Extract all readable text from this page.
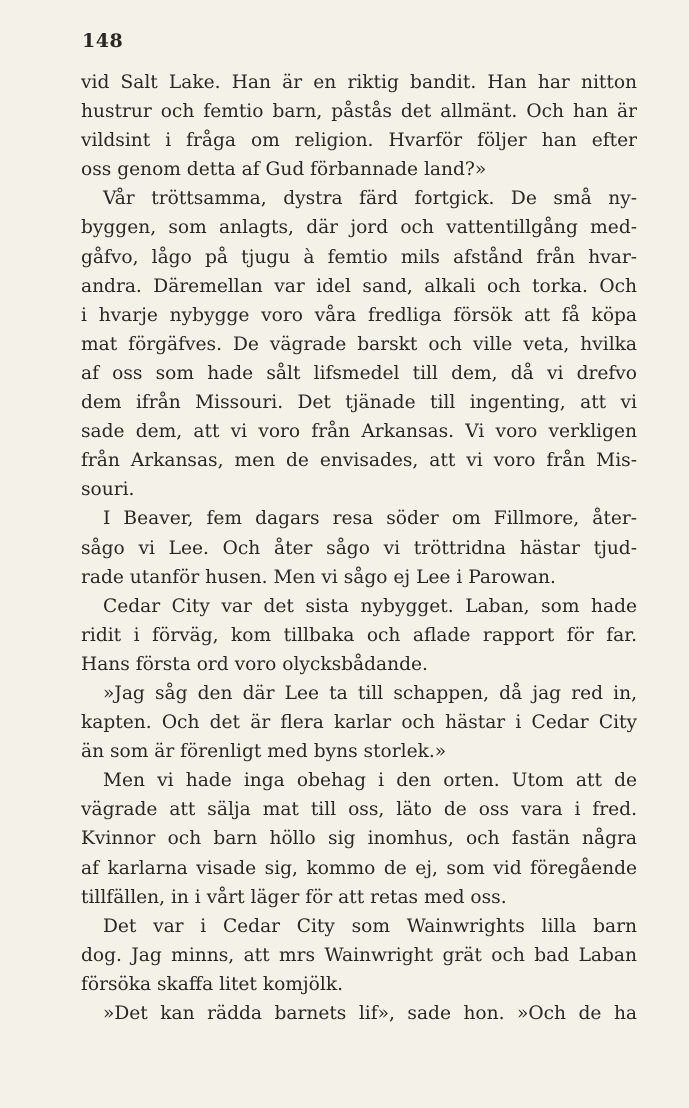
148
vid Salt Lake. Han är en riktig bandit. Han har nitton
hustrur och femtio barn, påstås det allmänt. Och han är
vildsint i fråga om religion. Hvarför följer han efter
oss genom detta af Gud förbannade land?»
Vår tröttsamma, dystra färd fortgick. De små ny-
byggen, som anlagts, där jord och vattentillgång med-
gåfvo, lågo på tjugu à femtio mils afstånd från hvar-
andra. Däremellan var idel sand, alkali och torka. Och
i hvarje nybygge voro våra fredliga försök att få köpa
mat förgäfves. De vägrade barskt och ville veta, hvilka
af oss som hade sålt lifsmedel till dem, då vi drefvo
dem ifrån Missouri. Det tjänade till ingenting, att vi
sade dem, att vi voro från Arkansas. Vi voro verkligen
från Arkansas, men de envisades, att vi voro från Mis-
souri.
I Beaver, fem dagars resa söder om Fillmore, åter-
sågo vi Lee. Och åter sågo vi tröttridna hästar tjud-
rade utanför husen. Men vi sågo ej Lee i Parowan.
Cedar City var det sista nybygget. Laban, som hade
ridit i förväg, kom tillbaka och aflade rapport för far.
Hans första ord voro olycksbådande.
»Jag såg den där Lee ta till schappen, då jag red in,
kapten. Och det är flera karlar och hästar i Cedar City
än som är förenligt med byns storlek.»
Men vi hade inga obehag i den orten. Utom att de
vägrade att sälja mat till oss, läto de oss vara i fred.
Kvinnor och barn höllo sig inomhus, och fastän några
af karlarna visade sig, kommo de ej, som vid föregående
tillfällen, in i vårt läger för att retas med oss.
Det var i Cedar City som Wainwrights lilla barn
dog. Jag minns, att mrs Wainwright grät och bad Laban
försöka skaffa litet komjölk.
»Det kan rädda barnets lif», sade hon. »Och de ha
